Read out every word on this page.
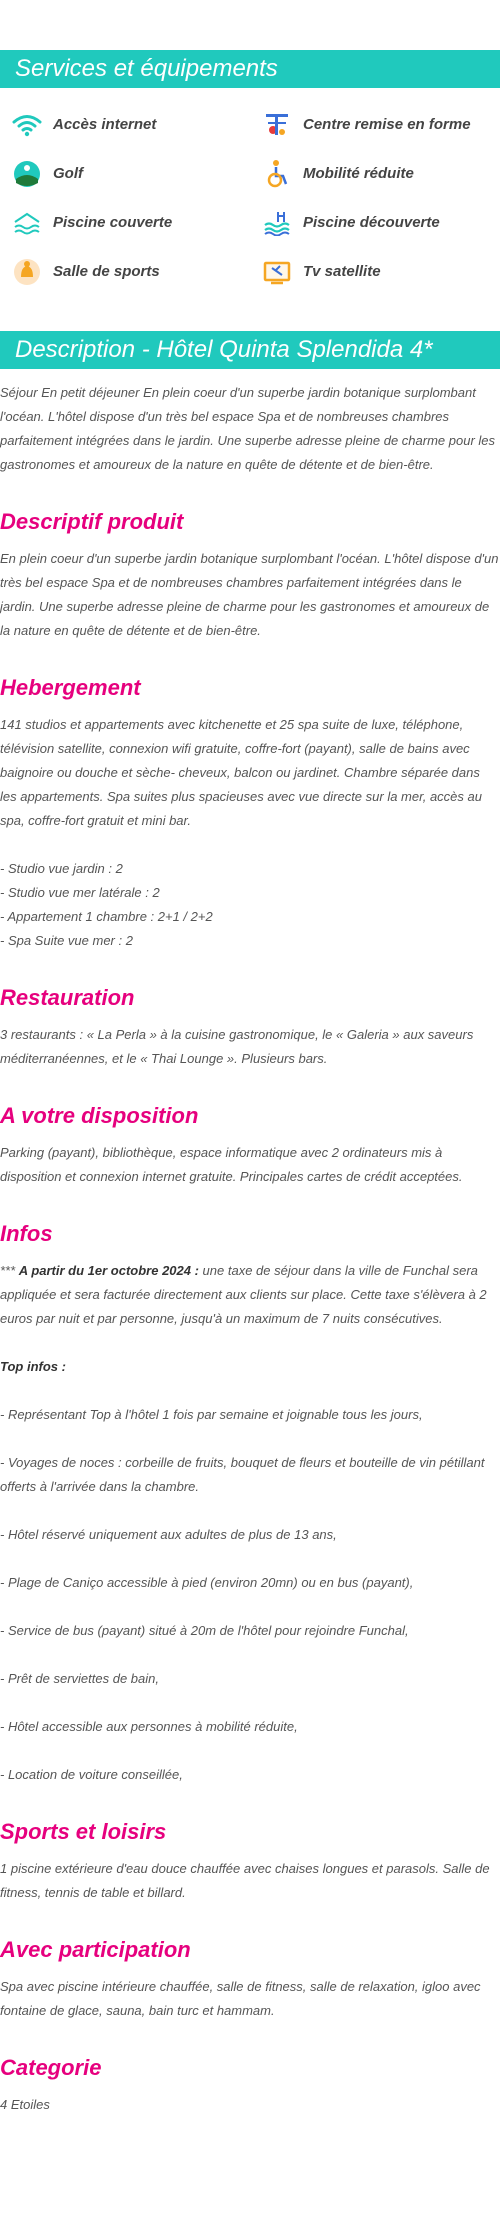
Services et équipements
Accès internet	Centre remise en forme
Golf	Mobilité réduite
Piscine couverte	Piscine découverte
Salle de sports	Tv satellite
Description - Hôtel Quinta Splendida 4*

Séjour En petit déjeuner En plein coeur d'un superbe jardin botanique surplombant l'océan. L'hôtel dispose d'un très bel espace Spa et de nombreuses chambres parfaitement intégrées dans le jardin. Une superbe adresse pleine de charme pour les gastronomes et amoureux de la nature en quête de détente et de bien-être.

Descriptif produit

En plein coeur d'un superbe jardin botanique surplombant l'océan. L'hôtel dispose d'un très bel espace Spa et de nombreuses chambres parfaitement intégrées dans le jardin. Une superbe adresse pleine de charme pour les gastronomes et amoureux de la nature en quête de détente et de bien-être.

Hebergement

141 studios et appartements avec kitchenette et 25 spa suite de luxe, téléphone, télévision satellite, connexion wifi gratuite, coffre-fort (payant), salle de bains avec baignoire ou douche et sèche- cheveux, balcon ou jardinet. Chambre séparée dans les appartements. Spa suites plus spacieuses avec vue directe sur la mer, accès au spa, coffre-fort gratuit et mini bar.

- Studio vue jardin : 2
- Studio vue mer latérale : 2
- Appartement 1 chambre : 2+1 / 2+2
- Spa Suite vue mer : 2
Restauration

3 restaurants : « La Perla » à la cuisine gastronomique, le « Galeria » aux saveurs méditerranéennes, et le « Thai Lounge ». Plusieurs bars.

A votre disposition

Parking (payant), bibliothèque, espace informatique avec 2 ordinateurs mis à disposition et connexion internet gratuite. Principales cartes de crédit acceptées.

Infos

*** A partir du 1er octobre 2024 : une taxe de séjour dans la ville de Funchal sera appliquée et sera facturée directement aux clients sur place. Cette taxe s'élèvera à 2 euros par nuit et par personne, jusqu'à un maximum de 7 nuits consécutives.

Top infos :

- Représentant Top à l'hôtel 1 fois par semaine et joignable tous les jours,
- Voyages de noces : corbeille de fruits, bouquet de fleurs et bouteille de vin pétillant offerts à l'arrivée dans la chambre.
- Hôtel réservé uniquement aux adultes de plus de 13 ans,
- Plage de Caniço accessible à pied (environ 20mn) ou en bus (payant),
- Service de bus (payant) situé à 20m de l'hôtel pour rejoindre Funchal,
- Prêt de serviettes de bain,
- Hôtel accessible aux personnes à mobilité réduite,
- Location de voiture conseillée,
Sports et loisirs

1 piscine extérieure d'eau douce chauffée avec chaises longues et parasols. Salle de fitness, tennis de table et billard.

Avec participation

Spa avec piscine intérieure chauffée, salle de fitness, salle de relaxation, igloo avec fontaine de glace, sauna, bain turc et hammam.

Categorie

4 Etoiles
